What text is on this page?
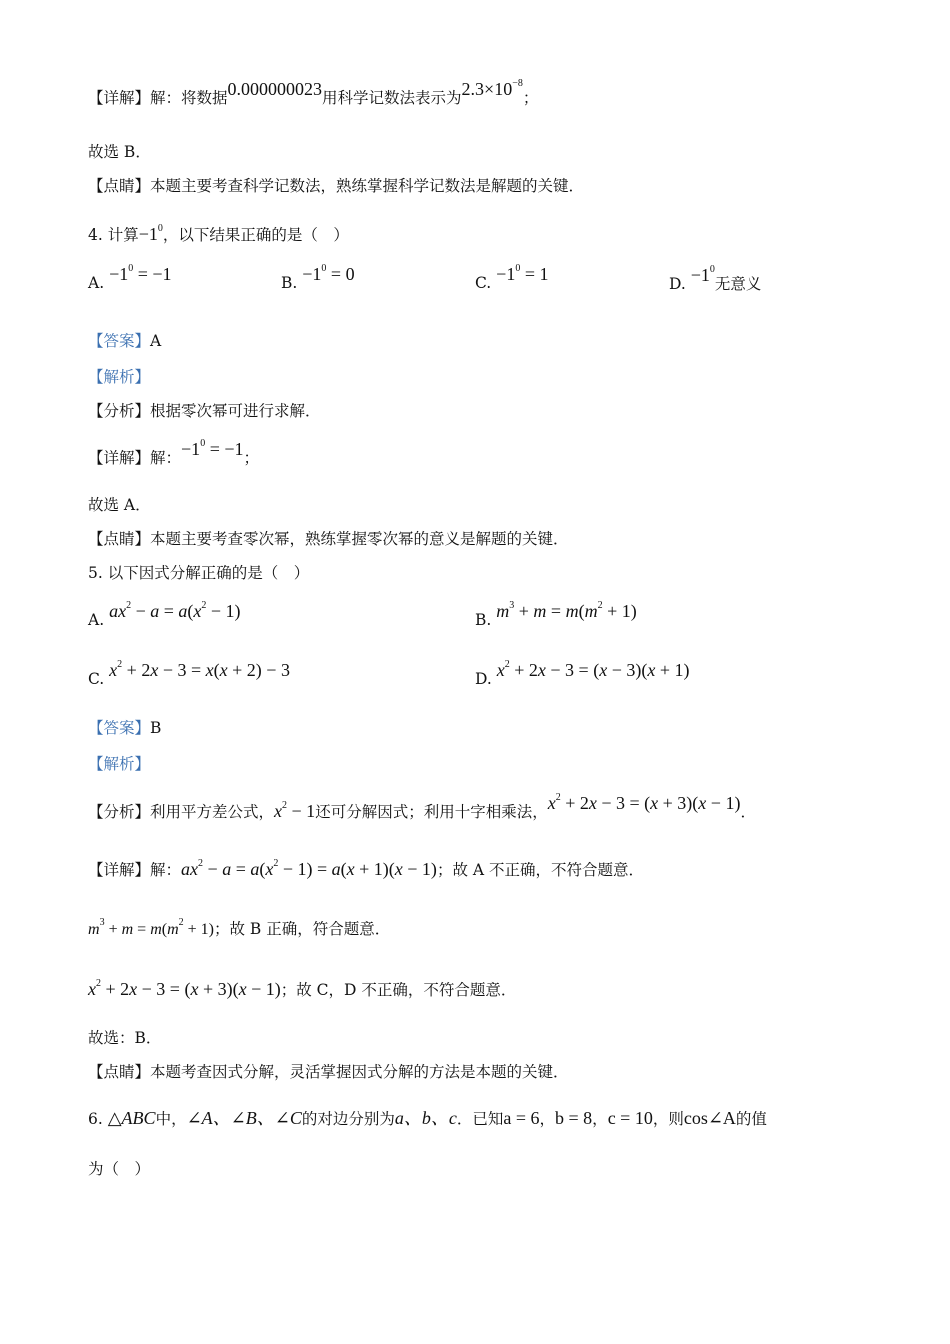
【详解】解：将数据0.000000023用科学记数法表示为$2.3\times 10^{-8}$；
故选 B．
【点睛】本题主要考查科学记数法，熟练掌握科学记数法是解题的关键．
4. 计算$-1^0$，以下结果正确的是（　）
A. $-1^0 = -1$	B. $-1^0 = 0$	C. $-1^0 = 1$	D. $-1^0$无意义
【答案】A
【解析】
【分析】根据零次幂可进行求解．
【详解】解：$-1^0 = -1$；
故选 A．
【点睛】本题主要考查零次幂，熟练掌握零次幂的意义是解题的关键．
5. 以下因式分解正确的是（　）
A. $ax^2 - a = a(x^2 - 1)$	B. $m^3 + m = m(m^2 + 1)$
C. $x^2 + 2x - 3 = x(x + 2) - 3$	D. $x^2 + 2x - 3 = (x - 3)(x + 1)$
【答案】B
【解析】
【分析】利用平方差公式，$x^2 - 1$还可分解因式；利用十字相乘法，$x^2 + 2x - 3 = (x + 3)(x - 1)$．
【详解】解：$ax^2 - a = a(x^2 - 1) = a(x + 1)(x - 1)$；故 A 不正确，不符合题意．
$m^3 + m = m(m^2 + 1)$；故 B 正确，符合题意．
$x^2 + 2x - 3 = (x + 3)(x - 1)$；故 C，D 不正确，不符合题意．
故选：B．
【点睛】本题考查因式分解，灵活掌握因式分解的方法是本题的关键．
6. △ABC中，∠A、∠B、∠C的对边分别为a、b、c．已知a = 6，b = 8，c = 10，则cos∠A的值
为（　）
